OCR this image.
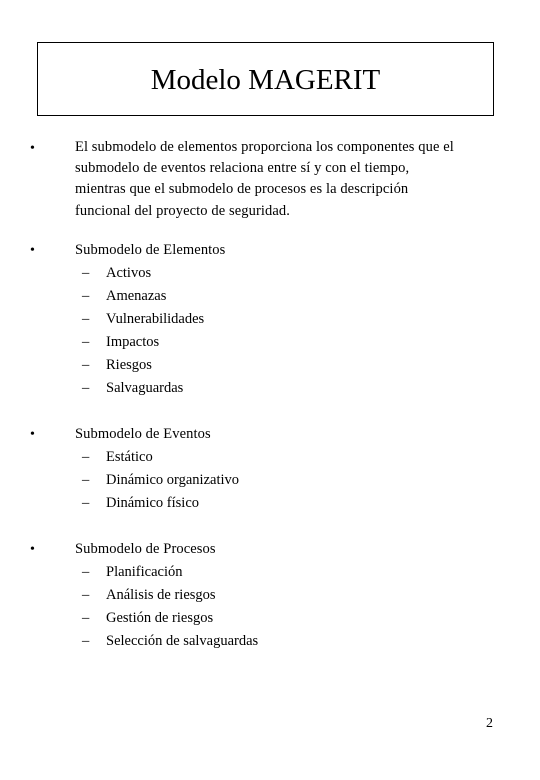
Modelo MAGERIT
•	El submodelo de elementos proporciona los componentes que el
submodelo de eventos relaciona entre sí y con el tiempo,
mientras que el submodelo de procesos es la descripción
funcional del proyecto de seguridad.
•	Submodelo de Elementos
– Activos
– Amenazas
– Vulnerabilidades
– Impactos
– Riesgos
– Salvaguardas
•	Submodelo de Eventos
– Estático
– Dinámico organizativo
– Dinámico físico
•	Submodelo de Procesos
– Planificación
– Análisis de riesgos
– Gestión de riesgos
– Selección de salvaguardas
2
